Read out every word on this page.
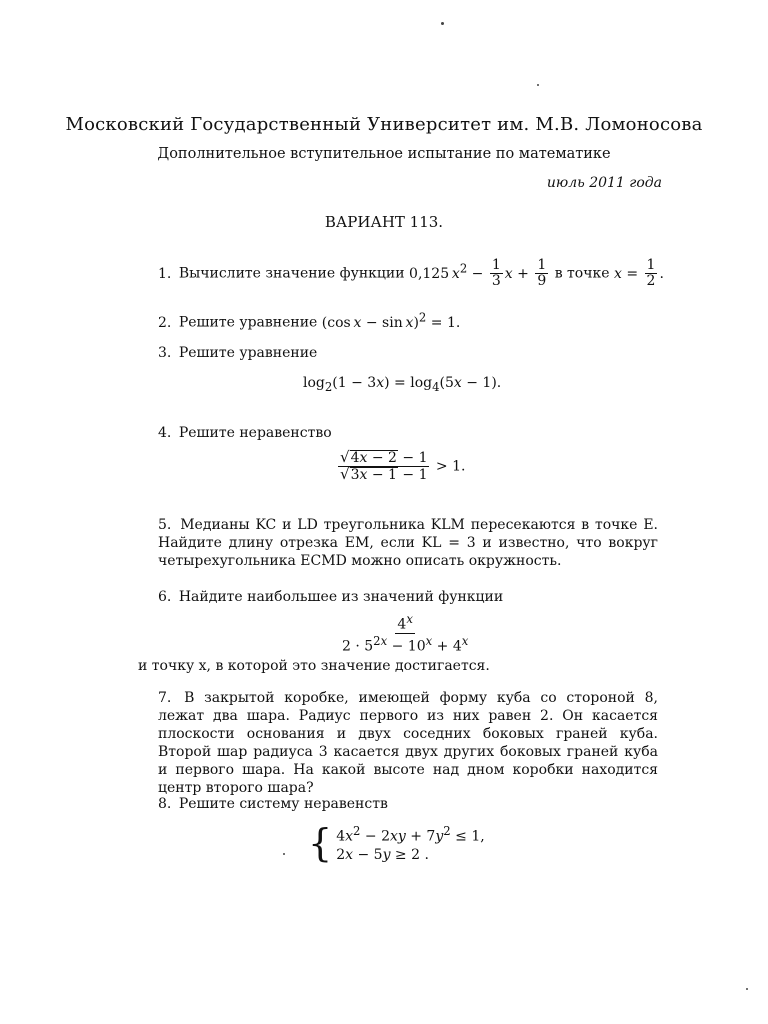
Московский Государственный Университет им. М.В. Ломоносова
Дополнительное вступительное испытание по математике
июль 2011 года
ВАРИАНТ 113.
1. Вычислите значение функции 0,125 $x^2 - \frac{1}{3}$ $x + \frac{1}{9}$ в точке $x = \frac{1}{2}$ .
2. Решите уравнение (cos x − sin x)$^2$ = 1.
3. Решите уравнение
$\log_2(1 - 3x) = \log_4(5x - 1)$.
4. Решите неравенство
$\frac{√4x - 2 - 1}{√3x - 1 - 1} > 1$.
5. Медианы KC и LD треугольника KLM пересекаются в точке E. Найдите длину отрезка EM, если KL = 3 и известно, что вокруг четырехугольника ECMD можно описать окружность.
6. Найдите наибольшее из значений функции
$\frac{4^x}{2 \cdot 5^{2x} - 10^x + 4^x}$
и точку x, в которой это значение достигается.
7. В закрытой коробке, имеющей форму куба со стороной 8, лежат два шара. Радиус первого из них равен 2. Он касается плоскости основания и двух соседних боковых граней куба. Второй шар радиуса 3 касается двух других боковых граней куба и первого шара. На какой высоте над дном коробки находится центр второго шара?
8. Решите систему неравенств
{ $4x^2 - 2xy + 7y^2 \le 1$,
2x − 5y ≥ 2 .
